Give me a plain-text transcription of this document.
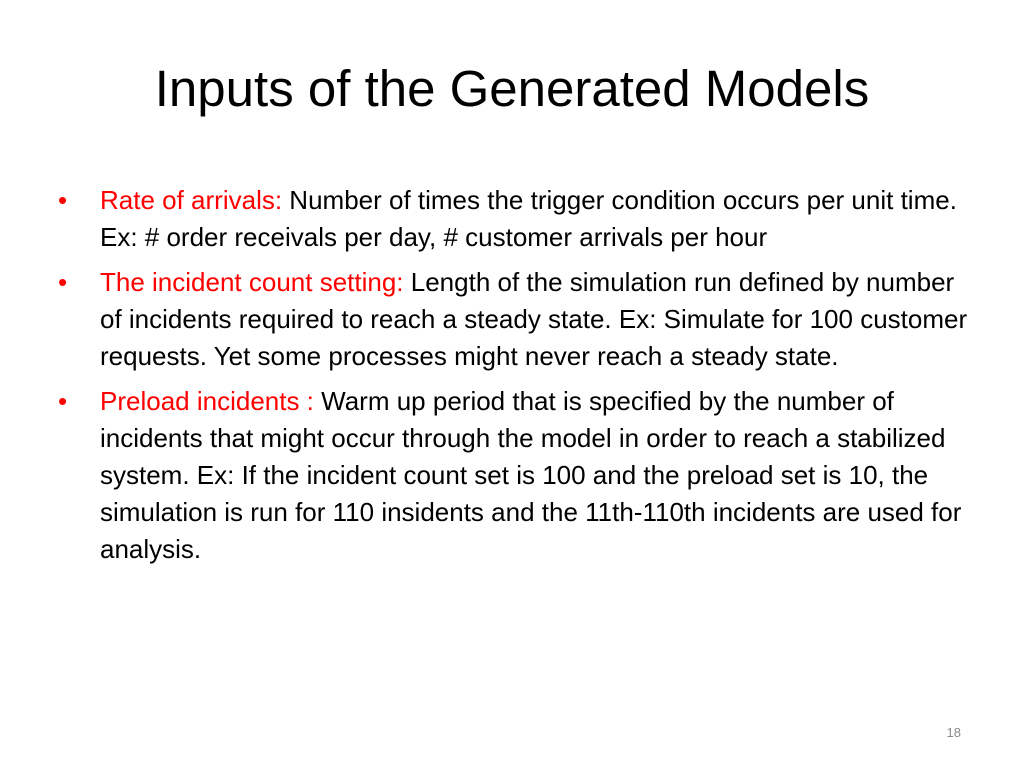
Inputs of the Generated Models
• Rate of arrivals: Number of times the trigger condition occurs per unit time. Ex: # order receivals per day, # customer arrivals per hour
• The incident count setting: Length of the simulation run defined by number of incidents required to reach a steady state. Ex: Simulate for 100 customer requests. Yet some processes might never reach a steady state.
• Preload incidents : Warm up period that is specified by the number of incidents that might occur through the model in order to reach a stabilized system. Ex: If the incident count set is 100 and the preload set is 10, the simulation is run for 110 insidents and the 11th-110th incidents are used for analysis.
18
